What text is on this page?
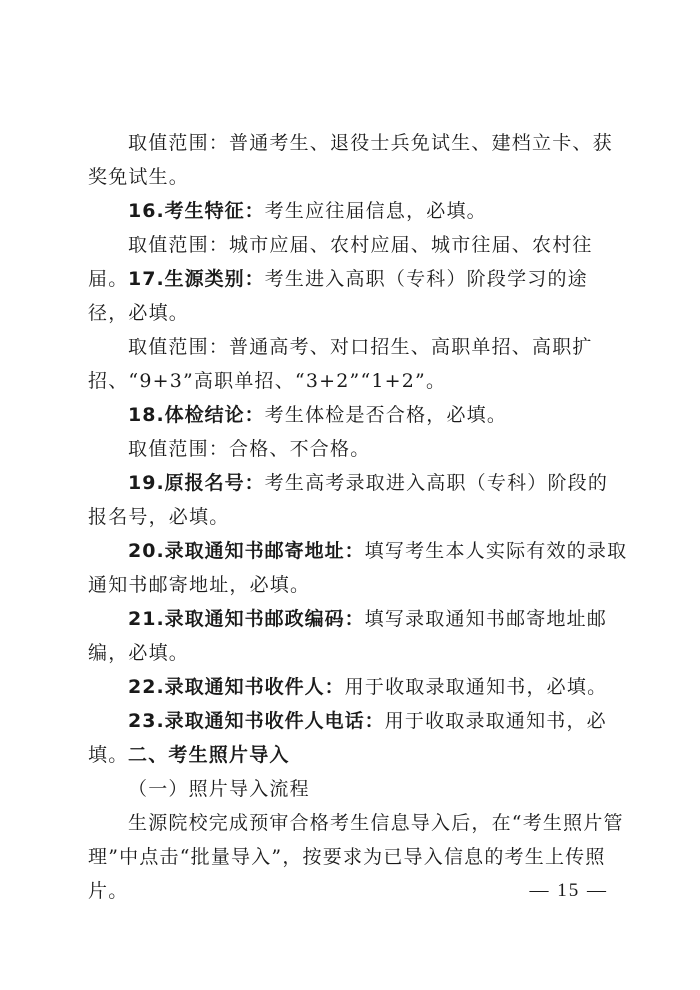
取值范围：普通考生、退役士兵免试生、建档立卡、获奖免试生。

16.考生特征：考生应往届信息，必填。

取值范围：城市应届、农村应届、城市往届、农村往届。 17.生源类别：考生进入高职（专科）阶段学习的途径，必填。

取值范围：普通高考、对口招生、高职单招、高职扩招、“9+3”高职单招、“3+2”“1+2”。

18.体检结论：考生体检是否合格，必填。

取值范围：合格、不合格。

19.原报名号：考生高考录取进入高职（专科）阶段的报名号，必填。

20.录取通知书邮寄地址：填写考生本人实际有效的录取通知书邮寄地址，必填。

21.录取通知书邮政编码：填写录取通知书邮寄地址邮编，必填。

22.录取通知书收件人：用于收取录取通知书，必填。

23.录取通知书收件人电话：用于收取录取通知书，必填。 二、考生照片导入

（一）照片导入流程

生源院校完成预审合格考生信息导入后，在“考生照片管理”中点击“批量导入”，按要求为已导入信息的考生上传照片。	— 15 —
